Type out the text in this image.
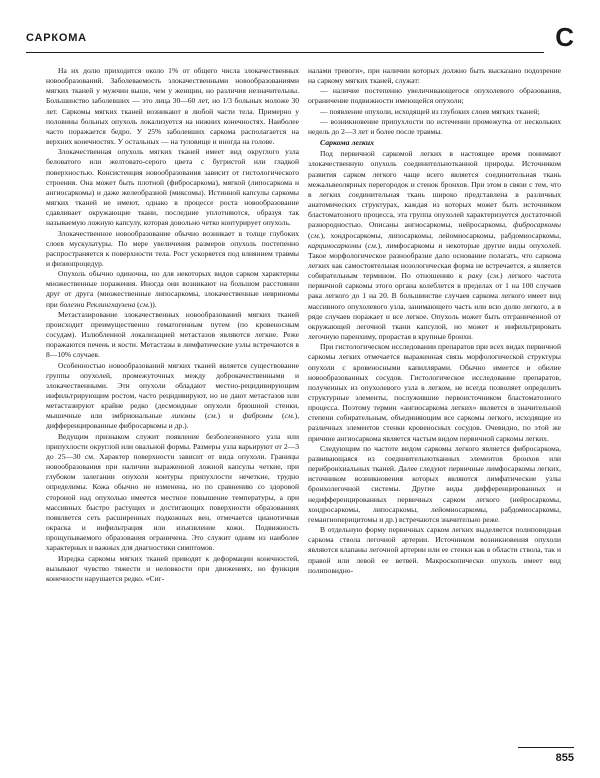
САРКОМА	С

На их долю приходится около 1% от общего числа злокачественных новообразований. Заболеваемость злокачественными новообразованиями мягких тканей у мужчин выше, чем у женщин, но различия незначительны. Большинство заболевших — это лица 30—60 лет, но 1/3 больных моложе 30 лет. Саркомы мягких тканей возникают в любой части тела. Примерно у половины больных опухоль локализуется на нижних конечностях. Наиболее часто поражается бедро. У 25% заболевших саркома располагается на верхних конечностях. У остальных — на туловище и иногда на голове.

Злокачественная опухоль мягких тканей имеет вид округлого узла беловатого или желтовато-серого цвета с бугристой или гладкой поверхностью. Консистенция новообразования зависит от гистологического строения. Она может быть плотной (фибросаркома), мягкой (липосаркома и ангиосаркомы) и даже желеобразной (миксомы). Истинной капсулы саркомы мягких тканей не имеют, однако в процессе роста новообразование сдавливает окружающие ткани, последние уплотняются, образуя так называемую ложную капсулу, которая довольно четко контурирует опухоль.

Злокачественное новообразование обычно возникает в толще глубоких слоев мускулатуры. По мере увеличения размеров опухоль постепенно распространяется к поверхности тела. Рост ускоряется под влиянием травмы и физиопроцедур.

Опухоль обычно одиночна, но для некоторых видов сарком характерны множественные поражения. Иногда они возникают на большом расстоянии друг от друга (множественные липосаркомы, злокачественные невриномы при болезни Реклингхаузена (см.)).

Метастазирование злокачественных новообразований мягких тканей происходит преимущественно гематогенным путем (по кровеносным сосудам). Излюбленной локализацией метастазов являются легкие. Реже поражаются печень и кости. Метастазы в лимфатические узлы встречаются в 8—10% случаев.

Особенностью новообразований мягких тканей является существование группы опухолей, промежуточных между доброкачественными и злокачественными. Эти опухоли обладают местно-рецидивирующим инфильтрирующим ростом, часто рецидивируют, но не дают метастазов или метастазируют крайне редко (десмоидные опухоли брюшной стенки, мышечные или эмбриональные липомы (см.) и фибромы (см.), дифференцированные фибросаркомы и др.).

Ведущим признаком служит появление безболезненного узла или припухлости округлой или овальной формы. Размеры узла варьируют от 2—3 до 25—30 см. Характер поверхности зависит от вида опухоли. Границы новообразования при наличии выраженной ложной капсулы четкие, при глубоком залегании опухоли контуры припухлости нечеткие, трудно определимы. Кожа обычно не изменена, но по сравнению со здоровой стороной над опухолью имеется местное повышение температуры, а при массивных быстро растущих и достигающих поверхности образованиях появляется сеть расширенных подкожных вен, отмечается цианотичная окраска и инфильтрация или изъязвление кожи. Подвижность прощупываемого образования ограничена. Это служит одним из наиболее характерных и важных для диагностики симптомов.

Изредка саркомы мягких тканей приводят к деформации конечностей, вызывают чувство тяжести и неловкости при движениях, но функция конечности нарушается редко. «Сиг-

налами тревоги», при наличии которых должно быть высказано подозрение на саркому мягких тканей, служат:

— наличие постепенно увеличивающегося опухолевого образования, ограничение подвижности имеющейся опухоли;

— появление опухоли, исходящей из глубоких слоев мягких тканей;

— возникновение припухлости по истечении промежутка от нескольких недель до 2—3 лет и более после травмы.

Саркома легких

Под первичной саркомой легких в настоящее время понимают злокачественную опухоль соединительнотканной природы. Источником развития сарком легкого чаще всего является соединительная ткань межальвеолярных перегородок и стенок бронхов. При этом в связи с тем, что в легких соединительная ткань широко представлена в различных анатомических структурах, каждая из которых может быть источником бластоматозного процесса, эта группа опухолей характеризуется достаточной разнородностью. Описаны ангиосаркомы, нейросаркомы, фибросаркомы (см.), хондросаркомы, липосаркомы, лейомиосаркомы, рабдомиосаркомы, карциносаркомы (см.), лимфосаркомы и некоторые другие виды опухолей. Такое морфологическое разнообразие дало основание полагать, что саркома легких как самостоятельная нозологическая форма не встречается, а является собирательным термином. По отношению к раку (см.) легкого частота первичной саркомы этого органа колеблется в пределах от 1 на 100 случаев рака легкого до 1 на 20. В большинстве случаев саркома легкого имеет вид массивного опухолевого узла, занимающего часть или всю долю легкого, а в ряде случаев поражает и все легкое. Опухоль может быть отграниченной от окружающей легочной ткани капсулой, но может и инфильтрировать легочную паренхиму, прорастая в крупные бронхи.

При гистологическом исследовании препаратов при всех видах первичной саркомы легких отмечается выраженная связь морфологической структуры опухоли с кровеносными капиллярами. Обычно имеется и обилие новообразованных сосудов. Гистологическое исследование препаратов, полученных из опухолевого узла в легком, не всегда позволяет определить структурные элементы, послужившие первоисточником бластоматозного процесса. Поэтому термин «ангиосаркома легких» является в значительной степени собирательным, объединяющим все саркомы легкого, исходящие из различных элементов стенки кровеносных сосудов. Очевидно, по этой же причине ангиосаркома является частым видом первичной саркомы легких.

Следующим по частоте видом саркомы легкого является фибросаркома, развивающаяся из соединительнотканных элементов бронхов или перибронхиальных тканей. Далее следуют первичные лимфосаркомы легких, источником возникновения которых являются лимфатические узлы бронхолегочной системы. Другие виды дифференцированных и недифференцированных первичных сарком легкого (нейросаркомы, хондросаркомы, липосаркомы, лейомиосаркомы, рабдомиосаркомы, гемангиоперицитомы и др.) встречаются значительно реже.

В отдельную форму первичных сарком легких выделяется полиповидная саркома ствола легочной артерии. Источником возникновения опухоли являются клапаны легочной артерии или ее стенки как в области ствола, так и правой или левой ее ветвей. Макроскопически опухоль имеет вид полиповидно-

855
